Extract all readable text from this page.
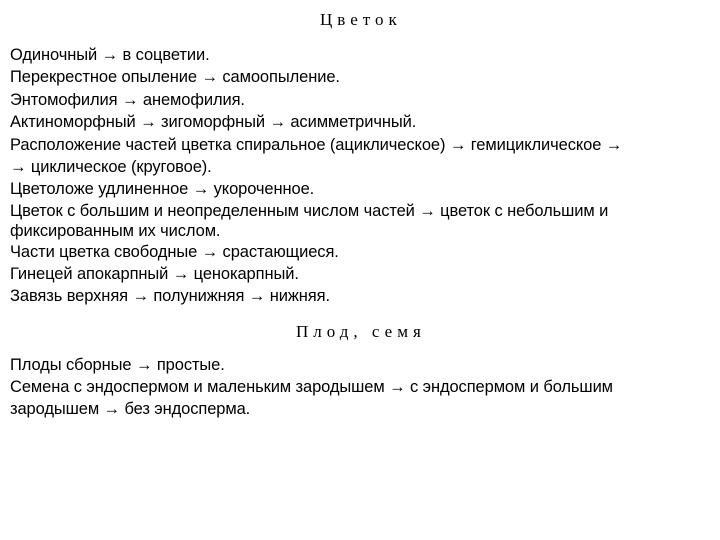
Цветок
Одиночный → в соцветии.
Перекрестное опыление → самоопыление.
Энтомофилия → анемофилия.
Актиноморфный → зигоморфный → асимметричный.
Расположение частей цветка спиральное (ациклическое) → гемициклическое →
→ циклическое (круговое).
Цветоложе удлиненное → укороченное.
Цветок с большим и неопределенным числом частей → цветок с небольшим и
фиксированным их числом.
Части цветка свободные → срастающиеся.
Гинецей апокарпный → ценокарпный.
Завязь верхняя → полунижняя → нижняя.
Плод, семя
Плоды сборные → простые.
Семена с эндоспермом и маленьким зародышем → с эндоспермом и большим
зародышем → без эндосперма.
